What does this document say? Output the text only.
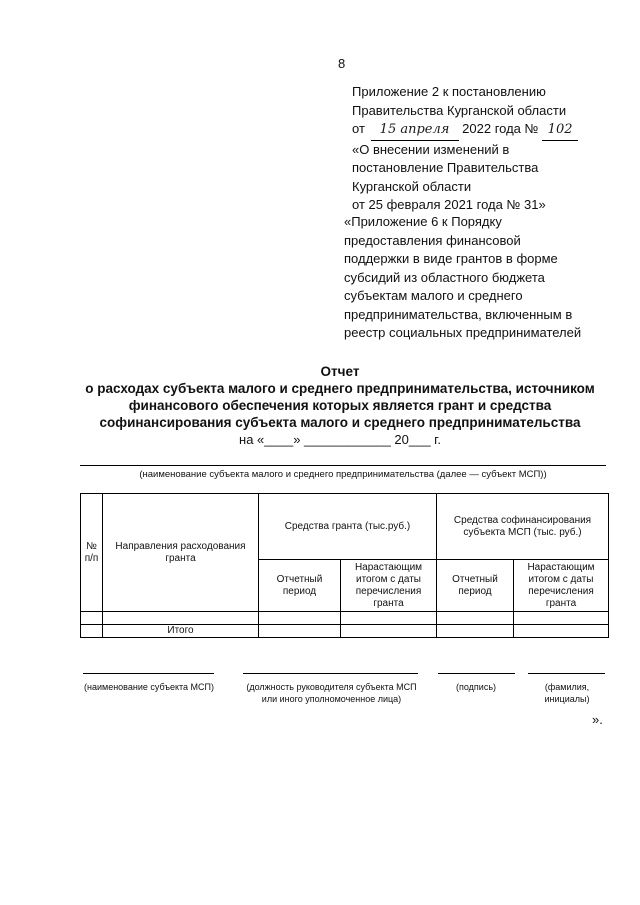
8
Приложение 2 к постановлению
Правительства Курганской области
от 15 апреля 2022 года № 102
«О внесении изменений в
постановление Правительства
Курганской области
от 25 февраля 2021 года № 31»
«Приложение 6 к Порядку
предоставления финансовой
поддержки в виде грантов в форме
субсидий из областного бюджета
субъектам малого и среднего
предпринимательства, включенным в
реестр социальных предпринимателей
Отчет
о расходах субъекта малого и среднего предпринимательства, источником
финансового обеспечения которых является грант и средства
софинансирования субъекта малого и среднего предпринимательства
на «____» ____________ 20___ г.
(наименование субъекта малого и среднего предпринимательства (далее — субъект МСП))
№ п/п	Направления расходования гранта	Средства гранта (тыс.руб.)		Средства софинансирования субъекта МСП (тыс. руб.)	
		Отчетный период	Нарастающим итогом с даты перечисления гранта	Отчетный период	Нарастающим итогом с даты перечисления гранта

	Итого				
(наименование субъекта МСП)	(должность руководителя субъекта МСП
или иного уполномоченное лица)
(подпись)	(фамилия,
инициалы)
».
